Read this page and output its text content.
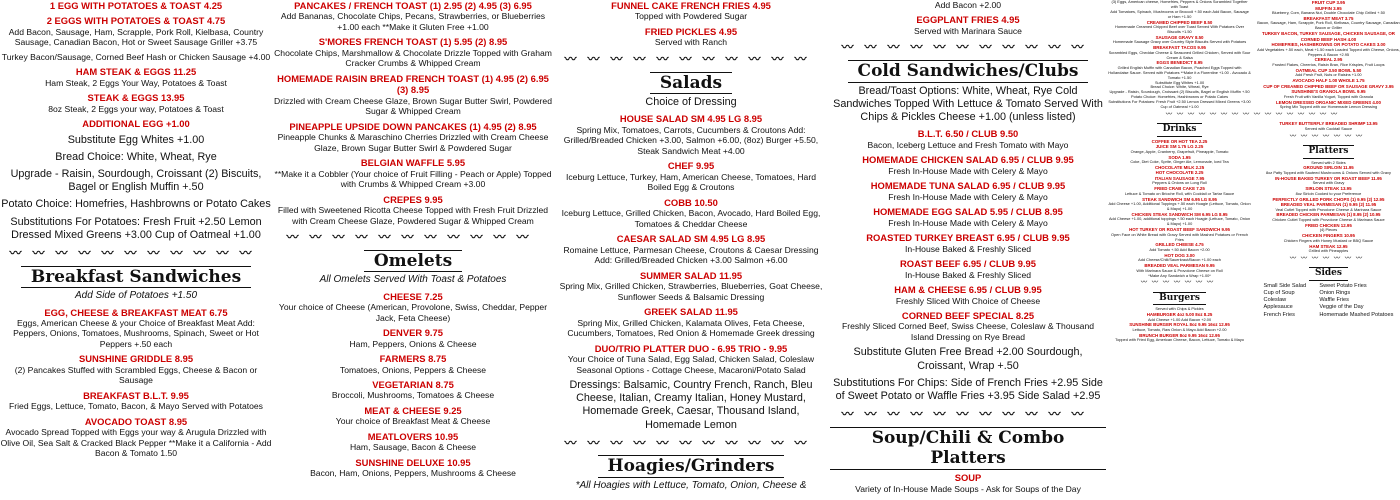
1 EGG WITH POTATOES & TOAST 4.25
2 EGGS WITH POTATOES & TOAST 4.75
Add Bacon, Sausage, Ham, Scrapple, Pork Roll, Kielbasa, Country Sausage, Canadian Bacon, Hot or Sweet Sausage Griller +3.75
Turkey Bacon/Sausage, Corned Beef Hash or Chicken Sausage +4.00
HAM STEAK & EGGS 11.25
Ham Steak, 2 Eggs Your Way, Potatoes & Toast
STEAK & EGGS 13.95
8oz Steak, 2 Eggs your way, Potatoes & Toast
ADDITIONAL EGG +1.00
Substitute Egg Whites +1.00
Bread Choice: White, Wheat, Rye
Upgrade - Raisin, Sourdough, Croissant (2) Biscuits, Bagel or English Muffin +.50
Potato Choice: Homefries, Hashbrowns or Potato Cakes
Substitutions For Potatoes: Fresh Fruit +2.50 Lemon Dressed Mixed Greens +3.00 Cup of Oatmeal +1.00
〰〰〰〰〰〰〰〰〰〰〰
Breakfast Sandwiches
Add Side of Potatoes +1.50
EGG, CHEESE & BREAKFAST MEAT 6.75
Eggs, American Cheese & your Choice of Breakfast Meat Add: Peppers, Onions, Tomatoes, Mushrooms, Spinach, Sweet or Hot Peppers +.50 each
SUNSHINE GRIDDLE 8.95
(2) Pancakes Stuffed with Scrambled Eggs, Cheese & Bacon or Sausage
BREAKFAST B.L.T. 9.95
Fried Eggs, Lettuce, Tomato, Bacon, & Mayo Served with Potatoes
AVOCADO TOAST 8.95
Avocado Spread Topped with Eggs your way & Arugula Drizzled with Olive Oil, Sea Salt & Cracked Black Pepper **Make it a California - Add Bacon & Tomato 1.50
PANCAKES / FRENCH TOAST (1) 2.95 (2) 4.95 (3) 6.95
Add Bananas, Chocolate Chips, Pecans, Strawberries, or Blueberries +1.00 each **Make it Gluten Free +1.00
S'MORES FRENCH TOAST (1) 5.95 (2) 8.95
Chocolate Chips, Marshmallow & Chocolate Drizzle Topped with Graham Cracker Crumbs & Whipped Cream
HOMEMADE RAISIN BREAD FRENCH TOAST (1) 4.95 (2) 6.95 (3) 8.95
Drizzled with Cream Cheese Glaze, Brown Sugar Butter Swirl, Powdered Sugar & Whipped Cream
PINEAPPLE UPSIDE DOWN PANCAKES (1) 4.95 (2) 8.95
Pineapple Chunks & Maraschino Cherries Drizzled with Cream Cheese Glaze, Brown Sugar Butter Swirl & Powdered Sugar
BELGIAN WAFFLE 5.95
**Make it a Cobbler (Your choice of Fruit Filling - Peach or Apple) Topped with Crumbs & Whipped Cream +3.00
CREPES 9.95
Filled with Sweetened Ricotta Cheese Topped with Fresh Fruit Drizzled with Cream Cheese Glaze, Powdered Sugar & Whipped Cream
〰〰〰〰〰〰〰〰〰〰〰
Omelets
All Omelets Served With Toast & Potatoes
CHEESE 7.25
Your choice of Cheese (American, Provolone, Swiss, Cheddar, Pepper Jack, Feta Cheese)
DENVER 9.75
Ham, Peppers, Onions & Cheese
FARMERS 8.75
Tomatoes, Onions, Peppers & Cheese
VEGETARIAN 8.75
Broccoli, Mushrooms, Tomatoes & Cheese
MEAT & CHEESE 9.25
Your choice of Breakfast Meat & Cheese
MEATLOVERS 10.95
Ham, Sausage, Bacon & Cheese
SUNSHINE DELUXE 10.95
Bacon, Ham, Onions, Peppers, Mushrooms & Cheese
FUNNEL CAKE FRENCH FRIES 4.95
Topped with Powdered Sugar
FRIED PICKLES 4.95
Served with Ranch
〰〰〰〰〰〰〰〰〰〰〰
Salads
Choice of Dressing
HOUSE SALAD SM 4.95 LG 8.95
Spring Mix, Tomatoes, Carrots, Cucumbers & Croutons Add: Grilled/Breaded Chicken +3.00, Salmon +6.00, (8oz) Burger +5.50, Steak Sandwich Meat +4.00
CHEF 9.95
Iceburg Lettuce, Turkey, Ham, American Cheese, Tomatoes, Hard Boiled Egg & Croutons
COBB 10.50
Iceburg Lettuce, Grilled Chicken, Bacon, Avocado, Hard Boiled Egg, Tomatoes & Cheddar Cheese
CAESAR SALAD SM 4.95 LG 8.95
Romaine Lettuce, Parmesan Cheese, Croutons & Caesar Dressing Add: Grilled/Breaded Chicken +3.00 Salmon +6.00
SUMMER SALAD 11.95
Spring Mix, Grilled Chicken, Strawberries, Blueberries, Goat Cheese, Sunflower Seeds & Balsamic Dressing
GREEK SALAD 11.95
Spring Mix, Grilled Chicken, Kalamata Olives, Feta Cheese, Cucumbers, Tomatoes, Red Onion & Homemade Greek dressing
DUO/TRIO PLATTER DUO - 6.95 TRIO - 9.95
Your Choice of Tuna Salad, Egg Salad, Chicken Salad, Coleslaw Seasonal Options - Cottage Cheese, Macaroni/Potato Salad
Dressings: Balsamic, Country French, Ranch, Bleu Cheese, Italian, Creamy Italian, Honey Mustard, Homemade Greek, Caesar, Thousand Island, Homemade Lemon
〰〰〰〰〰〰〰〰〰〰〰
Hoagies/Grinders
*All Hoagies with Lettuce, Tomato, Onion, Cheese &
Add Bacon +2.00
EGGPLANT FRIES 4.95
Served with Marinara Sauce
〰〰〰〰〰〰〰〰〰〰〰
Cold Sandwiches/Clubs
Bread/Toast Options: White, Wheat, Rye Cold Sandwiches Topped With Lettuce & Tomato Served With Chips & Pickles Cheese +1.00 (unless listed)
B.L.T. 6.50 / CLUB 9.50
Bacon, Iceberg Lettuce and Fresh Tomato with Mayo
HOMEMADE CHICKEN SALAD 6.95 / CLUB 9.95
Fresh In-House Made with Celery & Mayo
HOMEMADE TUNA SALAD 6.95 / CLUB 9.95
Fresh In-House Made with Celery & Mayo
HOMEMADE EGG SALAD 5.95 / CLUB 8.95
Fresh In-House Made with Celery & Mayo
ROASTED TURKEY BREAST 6.95 / CLUB 9.95
In-House Baked & Freshly Sliced
ROAST BEEF 6.95 / CLUB 9.95
In-House Baked & Freshly Sliced
HAM & CHEESE 6.95 / CLUB 9.95
Freshly Sliced With Choice of Cheese
CORNED BEEF SPECIAL 8.25
Freshly Sliced Corned Beef, Swiss Cheese, Coleslaw & Thousand Island Dressing on Rye Bread
Substitute Gluten Free Bread +2.00 Sourdough, Croissant, Wrap +.50
Substitutions For Chips: Side of French Fries +2.95 Side of Sweet Potato or Waffle Fries +3.95 Side Salad +2.95
〰〰〰〰〰〰〰〰〰〰〰
Soup/Chili & Combo Platters
SOUP
Variety of In-House Made Soups - Ask for Soups of the Day
(3) Eggs, American cheese, Homefries, Peppers & Onions Scrambled Together with Toast
Add Tomatoes, Spinach, Mushrooms or Broccoli +.50 each Add Bacon, Sausage or Ham +1.50
CREAMED CHIPPED BEEF 8.50
Homemade Creamed Chipped Beef over Toast Served With Potatoes Over Biscuits +1.50
SAUSAGE GRAVY 8.50
Homemade Sausage Gravy over Country Style Biscuits Served with Potatoes
BREAKFAST TACOS 9.95
Scrambled Eggs, Cheddar Cheese & Seasoned Grilled Chicken, Served with Sour Cream & Salsa
EGGS BENEDICT 8.95
Grilled English Muffin with Canadian Bacon, Poached Eggs Topped with Hollandaise Sauce. Served with Potatoes **Make it a Florentine +1.00 - Avocado & Tomato +1.50
Substitute Egg Whites +1.00
Bread Choice: White, Wheat, Rye
Upgrade - Raisin, Sourdough, Croissant (2) Biscuits, Bagel or English Muffin +.50
Potato Choice: Homefries, Hashbrowns or Potato Cakes
Substitutions For Potatoes: Fresh Fruit +2.50 Lemon Dressed Mixed Greens +3.00 Cup of Oatmeal +1.00
FRUIT CUP 3.95
MUFFIN 3.95
Blueberry, Corn, Banana Nut, Double Chocolate Chip Grilled +.50
BREAKFAST MEAT 3.75
Bacon, Sausage, Ham, Scrapple, Pork Roll, Kielbasa, Country Sausage, Canadian Bacon or Griller
TURKEY BACON, TURKEY SAUSAGE, CHICKEN SAUSAGE, OR CORNED BEEF HASH 4.00
HOMEFRIES, HASHBROWNS OR POTATO CAKES 3.00
Add Vegetables +.50 each, Meat +1.50 each Loaded Topped with Cheese, Onions, Peppers & Bacon +2.95
CEREAL 2.95
Frosted Flakes, Cheerios, Raisin Bran, Rice Krispies, Fruit Loops
OATMEAL CUP 3.50 BOWL 5.50
Add Fresh Fruit, Nuts or Raisins +1.00
AVOCADO HALF 1.00 WHOLE 1.75
CUP OF CREAMED CHIPPED BEEF OR SAUSAGE GRAVY 3.95
SUNSHINE'S GRANOLA BOWL 9.95
Fresh Fruit with Vanilla Yogurt, Topped with Granola
LEMON DRESSED ORGANIC MIXED GREENS 4.00
Spring Mix Topped with our Homemade Lemon Dressing
〰〰〰〰〰〰〰〰〰〰〰〰〰〰〰〰
Drinks
COFFEE OR HOT TEA 2.25
JUICE SM 1.75 LG 2.25
Orange, Apple, Cranberry, Grapefruit, Pineapple, Tomato
SODA 1.95
Coke, Diet Coke, Sprite, Ginger Ale, Lemonade, Iced Tea
CHOCOLATE MILK 2.25
HOT CHOCOLATE 2.25
ITALIAN SAUSAGE 7.95
Peppers & Onions on Long Roll
FRIED CRAB CAKE 7.25
Lettuce & Tomato on Brioche Roll, with Cocktail or Tartar Sauce
STEAK SANDWICH SM 6.95 LG 8.95
Add Cheese +1.00, Additional Toppings +.50 each Hoagie (Lettuce, Tomato, Onion & Mayo) +1.00
CHICKEN STEAK SANDWICH SM 6.95 LG 8.95
Add Cheese +1.00, additional toppings +.50 each Hoagie (Lettuce, Tomato, Onion & Mayo) +1.00
HOT TURKEY OR ROAST BEEF SANDWICH 9.95
Open Face on White Bread with Gravy Served with Mashed Potatoes or French Fries
GRILLED CHEESE 4.75
Add Tomato +.50 Add Bacon +2.00
HOT DOG 3.00
Add Cheese/Chili/Sauerkraut/Bacon +1.00 each
BREADED VEAL PARMESAN 9.95
With Marinara Sauce & Provolone Cheese on Roll
*Make Any Sandwich a Wrap +1.00*
〰〰〰〰〰〰〰
Burgers
Served with Chips & Pickles
HAMBURGER 4oz 5.00 8oz 8.25
Add Cheese +1.00 Add Bacon +2.00
SUNSHINE BURGER ROYAL 8oz 9.95 16oz 12.95
Lettuce, Tomato, Raw Onion & Mayo Add Bacon +2.00
BRUNCH BURGER 8oz 9.95 16oz 12.95
Topped with Fried Egg, American Cheese, Bacon, Lettuce, Tomato & Mayo
TURKEY BUTTERFLY BREADED SHRIMP 13.95
Served with Cocktail Sauce
〰〰〰〰〰〰〰
Platters
Served with 2 Sides
GROUND SIRLOIN 11.95
8oz Patty Topped with Sauteed Mushrooms & Onions Served with Gravy
IN-HOUSE BAKED TURKEY OR ROAST BEEF 11.95
Served with Gravy
SIRLOIN STEAK 13.95
8oz Sirloin Cooked to your Preference
PERFECTLY GRILLED PORK CHOPS (1) 9.95 (2) 12.95
BREADED VEAL PARMESAN (1) 9.95 (2) 11.95
Veal Cutlet Topped with Provolone Cheese & Marinara Sauce
BREADED CHICKEN PARMESAN (1) 8.95 (2) 10.95
Chicken Cutlet Topped with Provolone Cheese & Marinara Sauce
FRIED CHICKEN 12.95
(4) Pieces
CHICKEN FINGERS 10.95
Chicken Fingers with Honey Mustard or BBQ Sauce
HAM STEAK 12.95
Grilled with Pineapples
〰〰〰〰〰〰〰
Sides
Small Side Salad
Cup of Soup
Coleslaw
Applesauce
French Fries
Sweet Potato Fries
Onion Rings
Waffle Fries
Veggie of the Day
Homemade Mashed Potatoes
